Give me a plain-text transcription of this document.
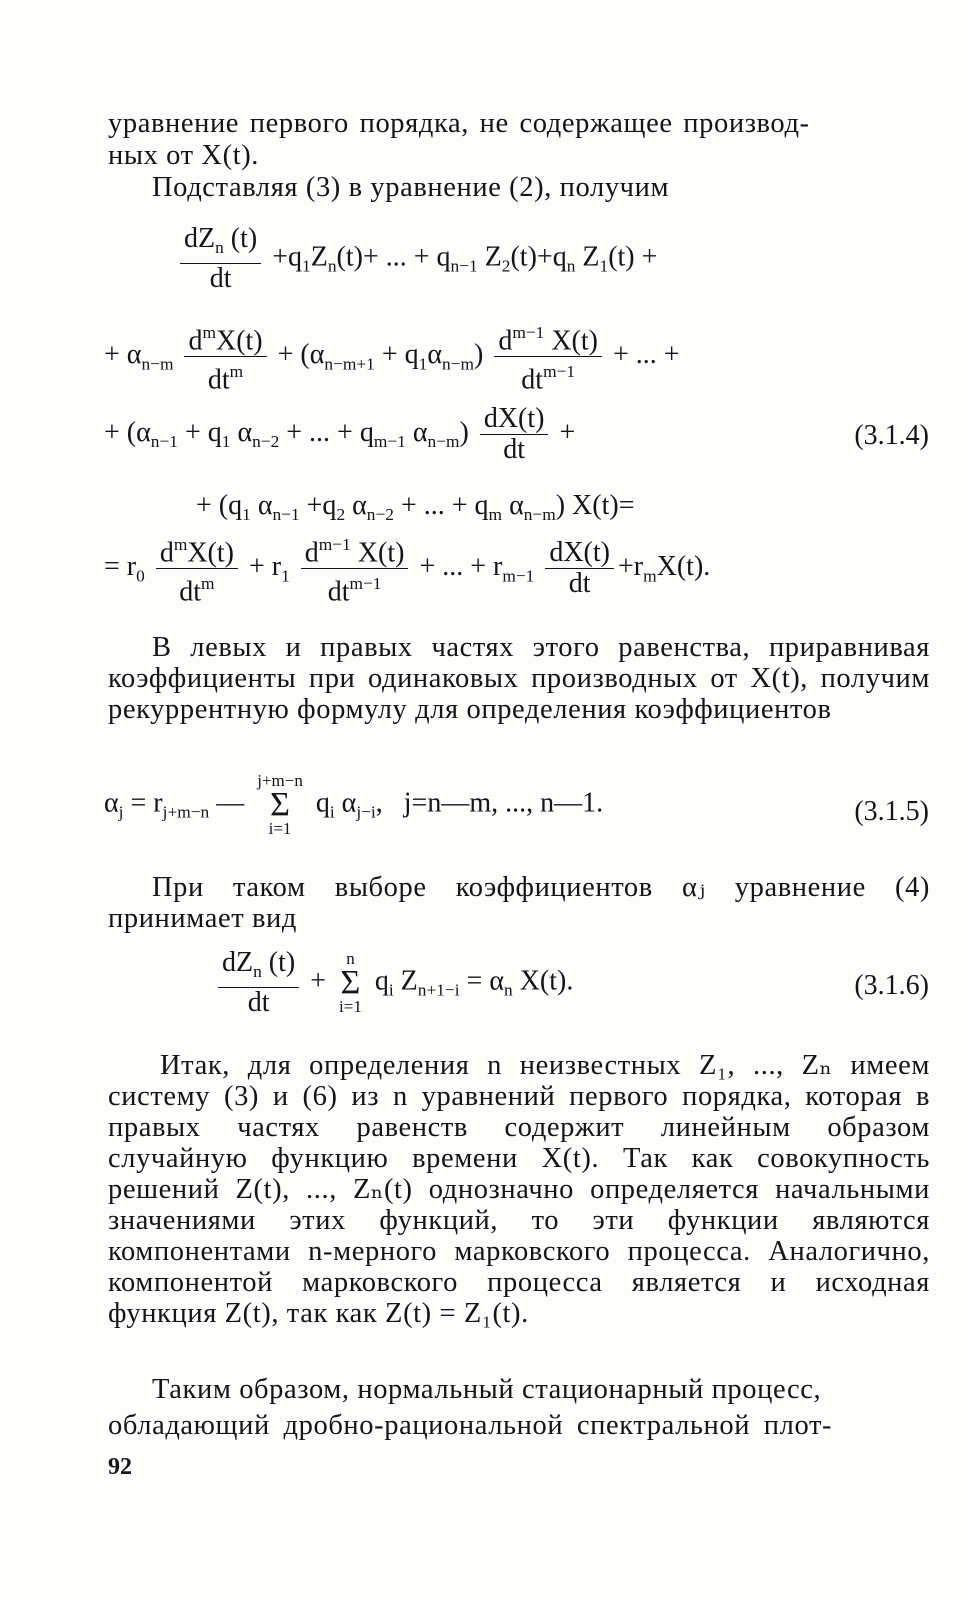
уравнение первого порядка, не содержащее производ-
ных от X(t).
Подставляя (3) в уравнение (2), получим
$\frac{dZ_n (t)}{dt} +q_1Z_n(t)+$ ... + $q_{n-1}$ $Z_2(t)+q_n$ $Z_1(t)$ +
+ $\alpha_{n-m} \frac{d^mX(t)}{dt^m} + (\alpha_{n-m+1} + q_1\alpha_{n-m}) \frac{d^{m-1} X(t)}{dt^{m-1}}$ + ... +
+ ($\alpha_{n-1} + q_1$ $\alpha_{n-2}$ + ... + $q_{m-1}$ $\alpha_{n-m}) \frac{dX(t)}{dt}$ +	(3.1.4)
+ ($q_1$ $\alpha_{n-1} +q_2$ $\alpha_{n-2}$ + ... + $q_m$ $\alpha_{n-m}$) X(t)=
= $r_0 \frac{d^mX(t)}{dt^m} + r_1 \frac{d^{m-1} X(t)}{dt^{m-1}}$ + ... + $r_{m-1} \frac{dX(t)}{dt} +r_mX(t)$.

В левых и правых частях этого равенства, приравнивая коэффициенты при одинаковых производных от X(t), получим рекуррентную формулу для определения коэффициентов

$\alpha_j = r_{j+m-n}$ —
j+m−n
Σ
i=1
$q_i$ $\alpha_{j-i}$,   j=n—m, ..., n—1.	(3.1.5)

При таком выборе коэффициентов αⱼ уравнение (4) принимает вид

$\frac{dZ_n (t)}{dt}$ +
n
Σ
i=1
$q_i$ $Z_{n+1-i} = \alpha_n$ X(t).	(3.1.6)

Итак, для определения n неизвестных Z₁, ..., Zₙ имеем систему (3) и (6) из n уравнений первого порядка, которая в правых частях равенств содержит линейным образом случайную функцию времени X(t). Так как совокупность решений Z(t), ..., Zₙ(t) однозначно определяется начальными значениями этих функций, то эти функции являются компонентами n-мерного марковского процесса. Аналогично, компонентой марковского процесса является и исходная функция Z(t), так как Z(t) = Z₁(t).

Таким образом, нормальный стационарный процесс,
обладающий дробно-рациональной спектральной плот-
92
